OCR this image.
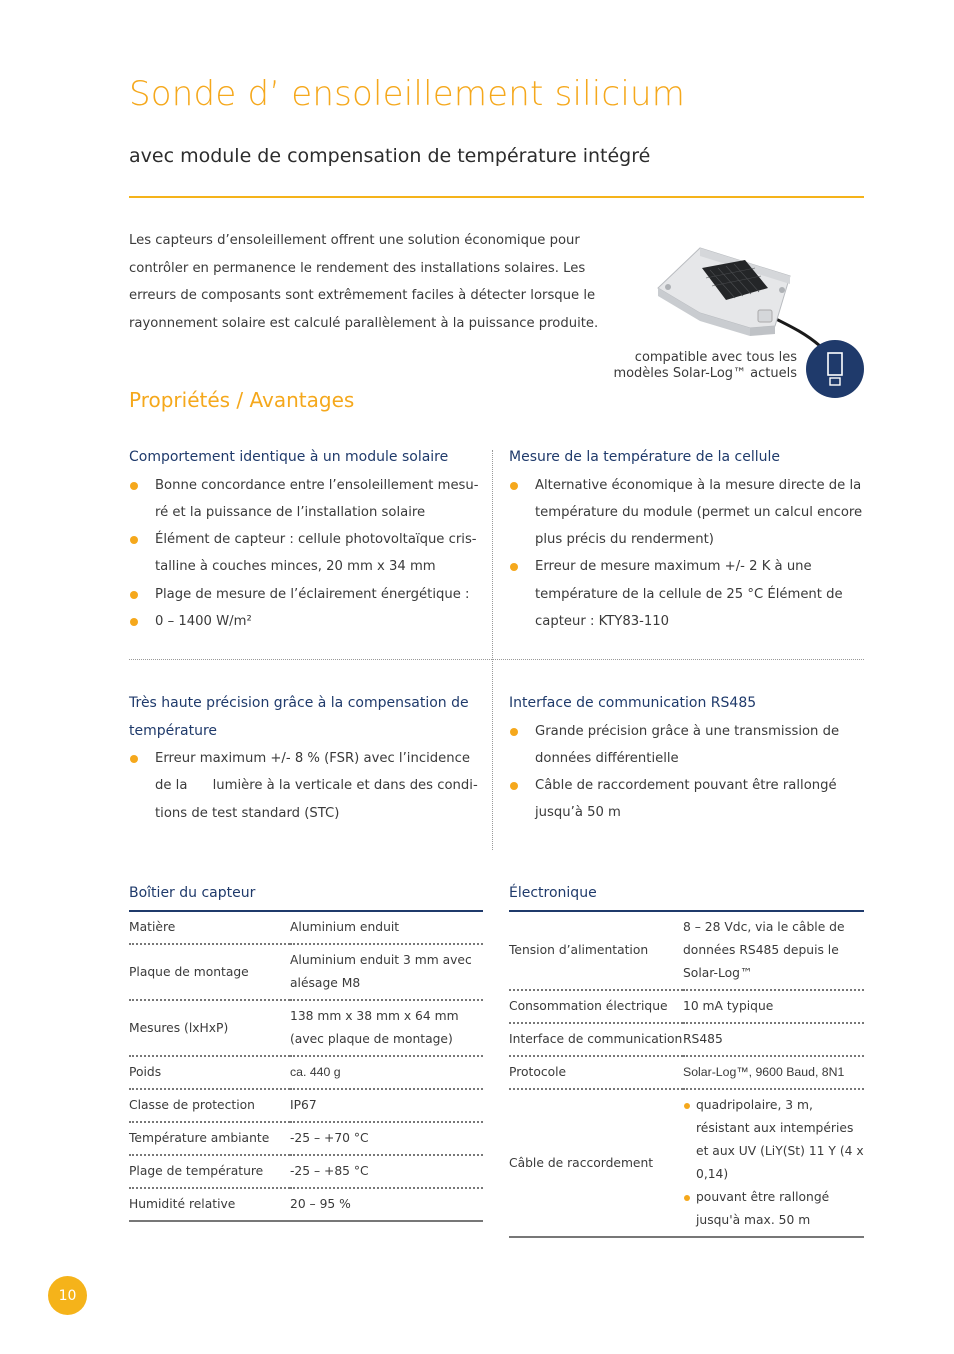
Sonde d’ ensoleillement silicium
avec module de compensation de température intégré
Les capteurs d’ensoleillement offrent une solution économique pour contrôler en permanence le rendement des installations solaires. Les erreurs de composants sont extrêmement faciles à détecter lorsque le rayonnement solaire est calculé parallèlement à la puissance produite.
compatible avec tous les
modèles Solar-Log™ actuels
Propriétés / Avantages
Comportement identique à un module solaire
Bonne concordance entre l’ensoleillement mesu-ré et la puissance de l’installation solaire
Élément de capteur : cellule photovoltaïque cris-talline à couches minces, 20 mm x 34 mm
Plage de mesure de l’éclairement énergétique :
0 – 1400 W/m²
Mesure de la température de la cellule
Alternative économique à la mesure directe de la température du module (permet un calcul encore plus précis du renderment)
Erreur de mesure maximum +/- 2 K à une température de la cellule de 25 °C Élément de capteur : KTY83-110
Très haute précision grâce à la compensation de température
Erreur maximum +/- 8 % (FSR) avec l’incidence de la      lumière à la verticale et dans des condi-tions de test standard (STC)
Interface de communication RS485
Grande précision grâce à une transmission de données différentielle
Câble de raccordement pouvant être rallongé jusqu’à 50 m
Boîtier du capteur
Matière	Aluminium enduit
Plaque de montage	Aluminium enduit 3 mm avec alésage M8
Mesures (lxHxP)	138 mm x 38 mm x 64 mm (avec plaque de montage)
Poids	ca. 440 g
Classe de protection	IP67
Température ambiante	-25 – +70 °C
Plage de température	-25 – +85 °C
Humidité relative	20 – 95 %
Électronique
Tension d’alimentation	8 – 28 Vdc, via le câble de données RS485 depuis le Solar-Log™
Consommation électrique	10 mA typique
Interface de communication	RS485
Protocole	Solar-Log™, 9600 Baud, 8N1
Câble de raccordement	quadripolaire, 3 m, résistant aux intempéries et aux UV (LiY(St) 11 Y (4 x 0,14)
pouvant être rallongé jusqu'à max. 50 m
10
